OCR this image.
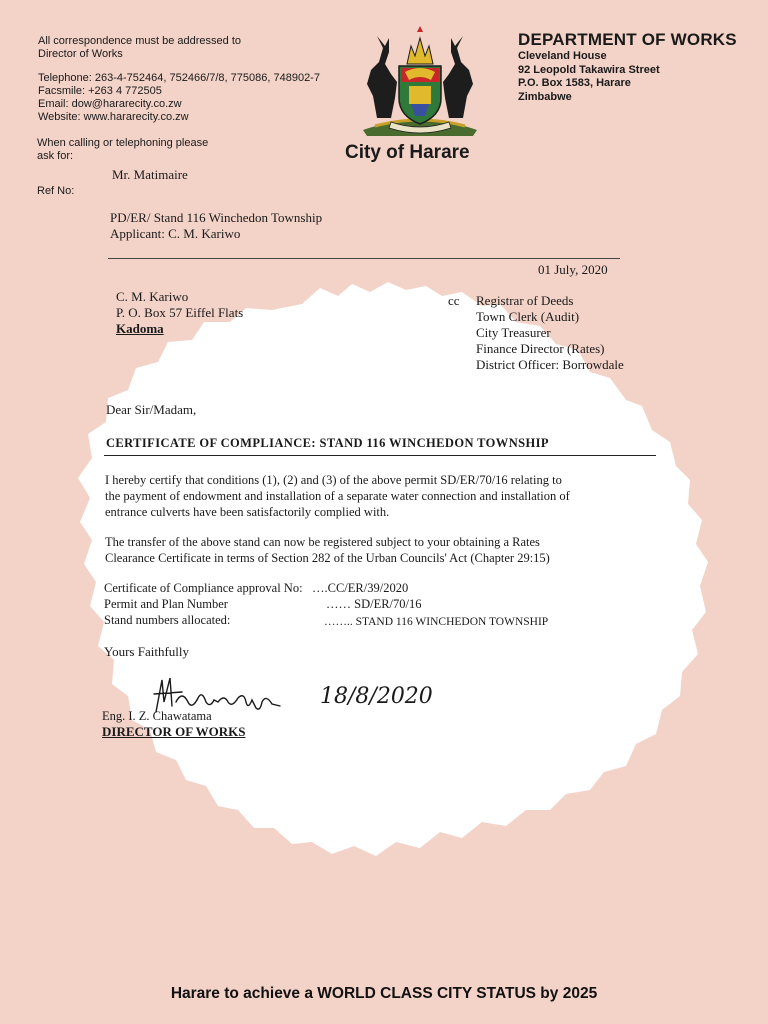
All correspondence must be addressed to
Director of Works
Telephone: 263-4-752464, 752466/7/8, 775086, 748902-7
Facsmile: +263 4 772505
Email: dow@hararecity.co.zw
Website: www.hararecity.co.zw
When calling or telephoning please
ask for:
Mr. Matimaire
Ref No:
City of Harare
DEPARTMENT OF WORKS
Cleveland House
92 Leopold Takawira Street
P.O. Box 1583, Harare
Zimbabwe
PD/ER/ Stand 116 Winchedon Township
Applicant: C. M. Kariwo
01 July, 2020
C. M. Kariwo
P. O. Box 57 Eiffel Flats
Kadoma
cc Registrar of Deeds
Town Clerk (Audit)
City Treasurer
Finance Director (Rates)
District Officer: Borrowdale
Dear Sir/Madam,
CERTIFICATE OF COMPLIANCE: STAND 116 WINCHEDON TOWNSHIP
I hereby certify that conditions (1), (2) and (3) of the above permit SD/ER/70/16 relating to
the payment of endowment and installation of a separate water connection and installation of
entrance culverts have been satisfactorily complied with.
The transfer of the above stand can now be registered subject to your obtaining a Rates
Clearance Certificate in terms of Section 282 of the Urban Councils' Act (Chapter 29:15)
Certificate of Compliance approval No: ….CC/ER/39/2020
Permit and Plan Number	…… SD/ER/70/16
Stand numbers allocated:	…….. STAND 116 WINCHEDON TOWNSHIP
Yours Faithfully
18/8/2020
Eng. I. Z. Chawatama
DIRECTOR OF WORKS
Harare to achieve a WORLD CLASS CITY STATUS by 2025
